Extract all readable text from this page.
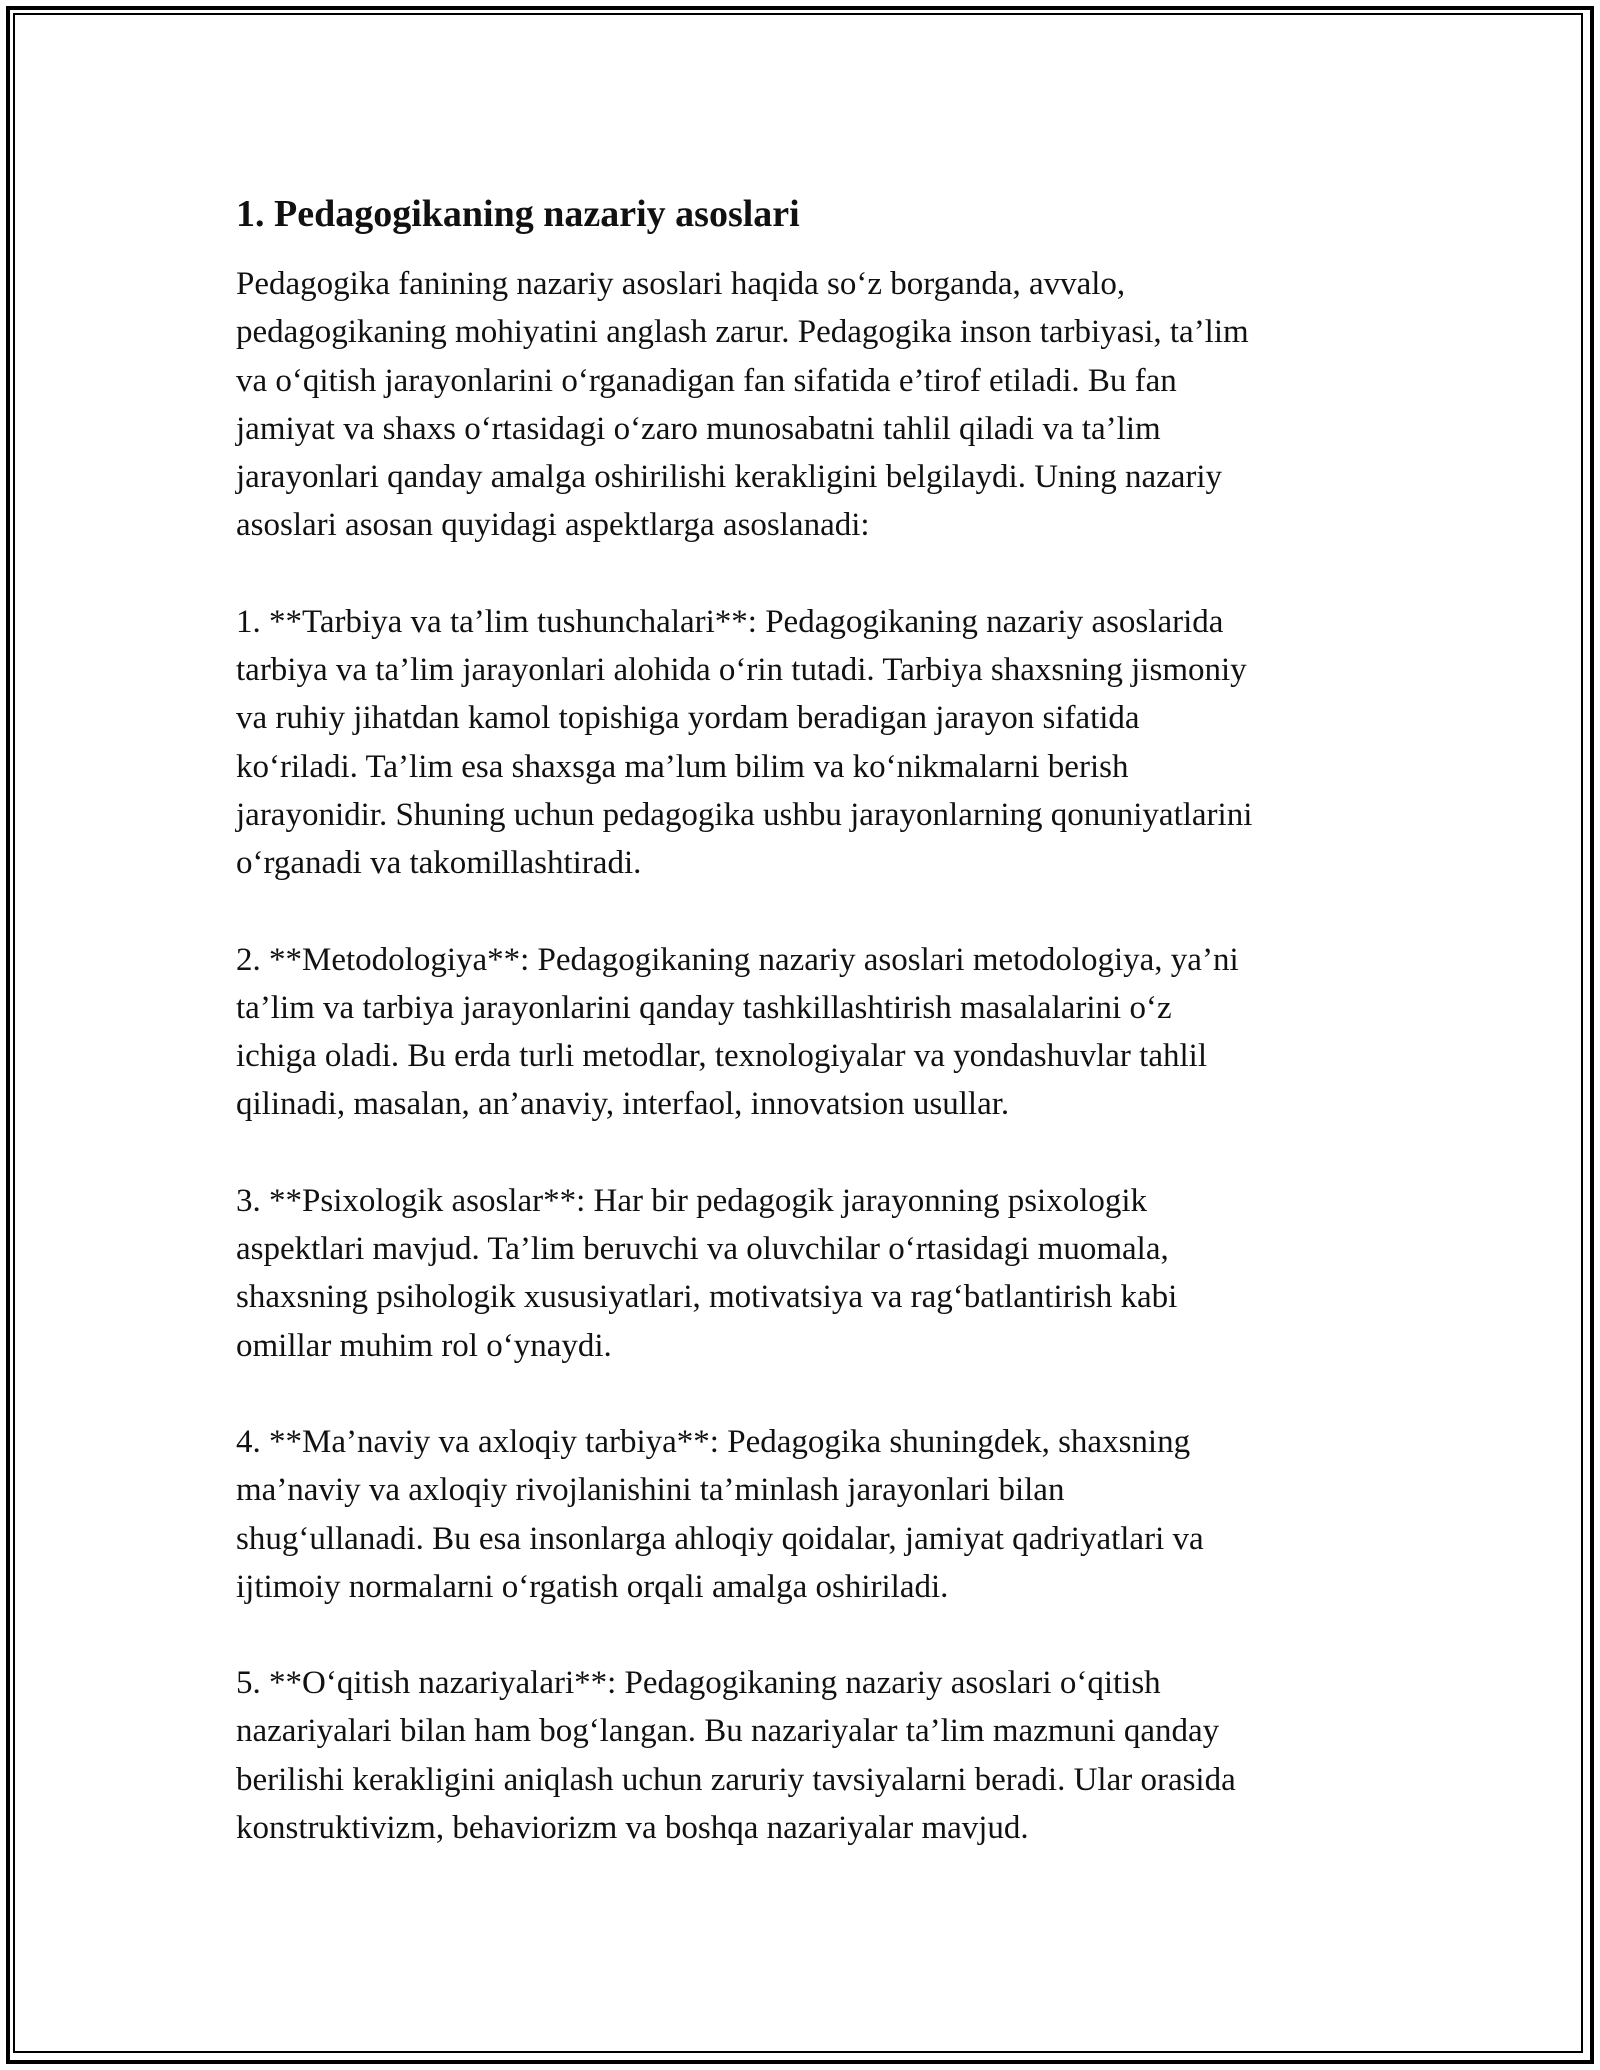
1. Pedagogikaning nazariy asoslari

Pedagogika fanining nazariy asoslari haqida so‘z borganda, avvalo,
pedagogikaning mohiyatini anglash zarur. Pedagogika inson tarbiyasi, ta’lim
va o‘qitish jarayonlarini o‘rganadigan fan sifatida e’tirof etiladi. Bu fan
jamiyat va shaxs o‘rtasidagi o‘zaro munosabatni tahlil qiladi va ta’lim
jarayonlari qanday amalga oshirilishi kerakligini belgilaydi. Uning nazariy
asoslari asosan quyidagi aspektlarga asoslanadi:

1. **Tarbiya va ta’lim tushunchalari**: Pedagogikaning nazariy asoslarida
tarbiya va ta’lim jarayonlari alohida o‘rin tutadi. Tarbiya shaxsning jismoniy
va ruhiy jihatdan kamol topishiga yordam beradigan jarayon sifatida
ko‘riladi. Ta’lim esa shaxsga ma’lum bilim va ko‘nikmalarni berish
jarayonidir. Shuning uchun pedagogika ushbu jarayonlarning qonuniyatlarini
o‘rganadi va takomillashtiradi.

2. **Metodologiya**: Pedagogikaning nazariy asoslari metodologiya, ya’ni
ta’lim va tarbiya jarayonlarini qanday tashkillashtirish masalalarini o‘z
ichiga oladi. Bu erda turli metodlar, texnologiyalar va yondashuvlar tahlil
qilinadi, masalan, an’anaviy, interfaol, innovatsion usullar.

3. **Psixologik asoslar**: Har bir pedagogik jarayonning psixologik
aspektlari mavjud. Ta’lim beruvchi va oluvchilar o‘rtasidagi muomala,
shaxsning psihologik xususiyatlari, motivatsiya va rag‘batlantirish kabi
omillar muhim rol o‘ynaydi.

4. **Ma’naviy va axloqiy tarbiya**: Pedagogika shuningdek, shaxsning
ma’naviy va axloqiy rivojlanishini ta’minlash jarayonlari bilan
shug‘ullanadi. Bu esa insonlarga ahloqiy qoidalar, jamiyat qadriyatlari va
ijtimoiy normalarni o‘rgatish orqali amalga oshiriladi.

5. **O‘qitish nazariyalari**: Pedagogikaning nazariy asoslari o‘qitish
nazariyalari bilan ham bog‘langan. Bu nazariyalar ta’lim mazmuni qanday
berilishi kerakligini aniqlash uchun zaruriy tavsiyalarni beradi. Ular orasida
konstruktivizm, behaviorizm va boshqa nazariyalar mavjud.
